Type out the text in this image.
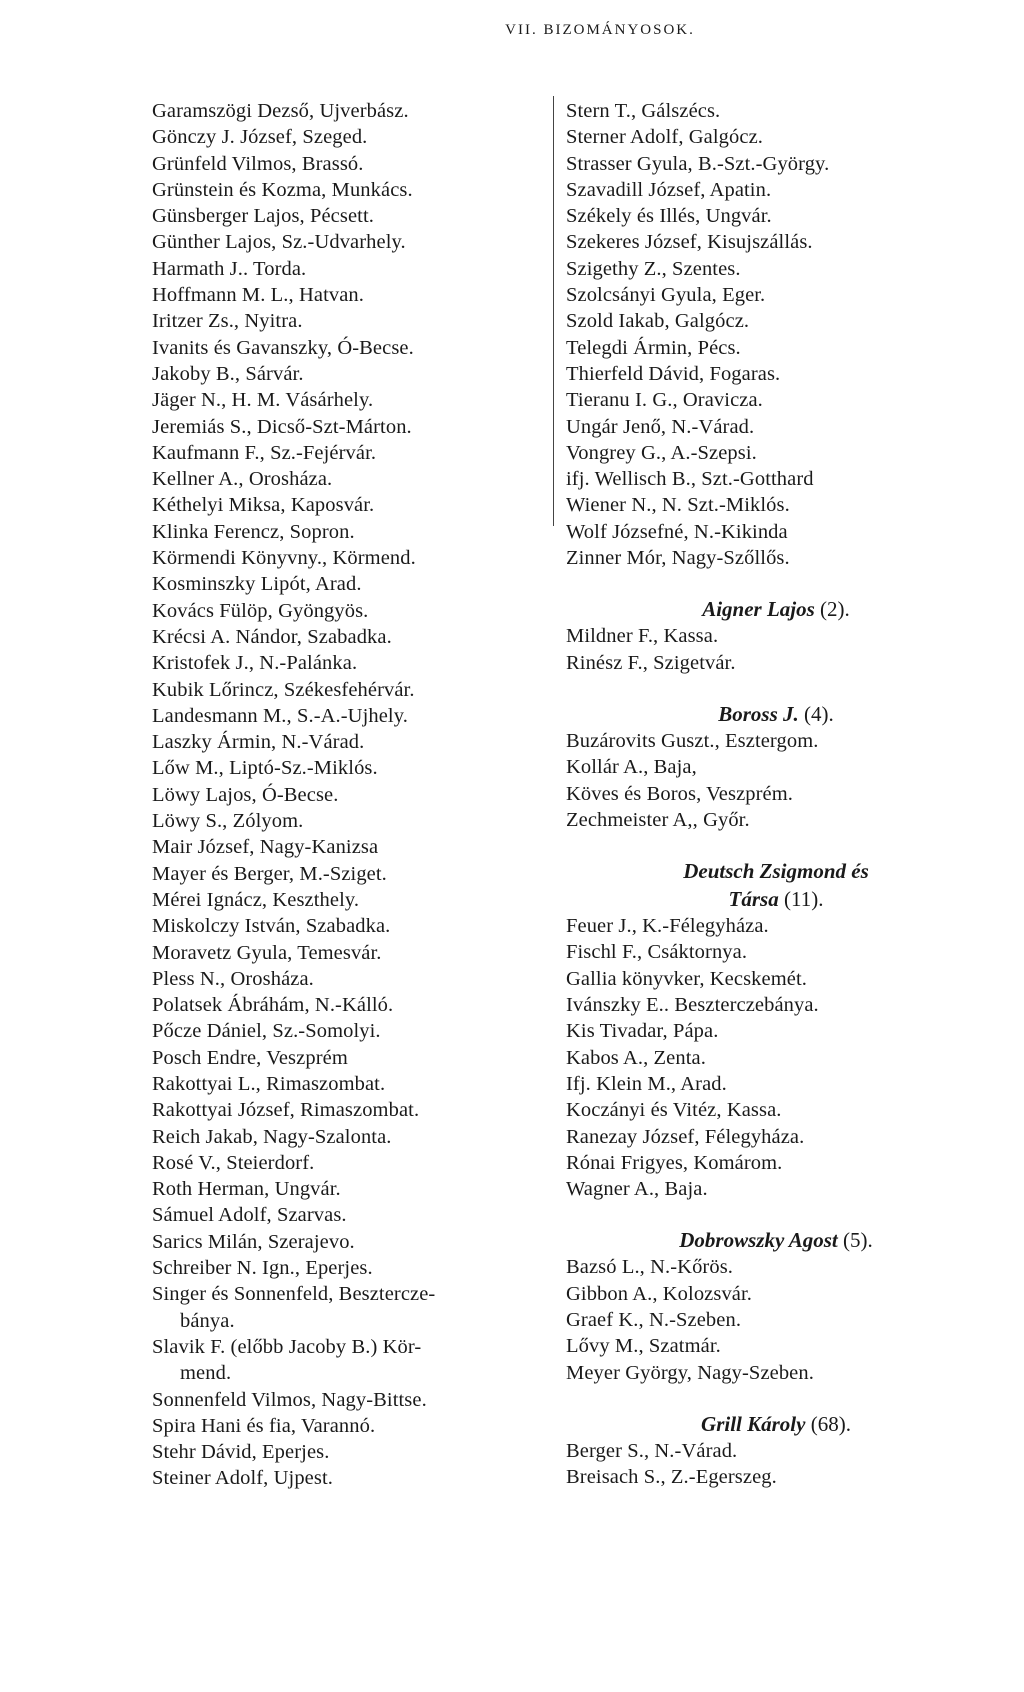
VII. BIZOMÁNYOSOK.
Garamszögi Dezső, Ujverbász.
Gönczy J. József, Szeged.
Grünfeld Vilmos, Brassó.
Grünstein és Kozma, Munkács.
Günsberger Lajos, Pécsett.
Günther Lajos, Sz.-Udvarhely.
Harmath J.. Torda.
Hoffmann M. L., Hatvan.
Iritzer Zs., Nyitra.
Ivanits és Gavanszky, Ó-Becse.
Jakoby B., Sárvár.
Jäger N., H. M. Vásárhely.
Jeremiás S., Dicső-Szt-Márton.
Kaufmann F., Sz.-Fejérvár.
Kellner A., Orosháza.
Kéthelyi Miksa, Kaposvár.
Klinka Ferencz, Sopron.
Körmendi Könyvny., Körmend.
Kosminszky Lipót, Arad.
Kovács Fülöp, Gyöngyös.
Krécsi A. Nándor, Szabadka.
Kristofek J., N.-Palánka.
Kubik Lőrincz, Székesfehérvár.
Landesmann M., S.-A.-Ujhely.
Laszky Ármin, N.-Várad.
Lőw M., Liptó-Sz.-Miklós.
Löwy Lajos, Ó-Becse.
Löwy S., Zólyom.
Mair József, Nagy-Kanizsa
Mayer és Berger, M.-Sziget.
Mérei Ignácz, Keszthely.
Miskolczy István, Szabadka.
Moravetz Gyula, Temesvár.
Pless N., Orosháza.
Polatsek Ábráhám, N.-Kálló.
Pőcze Dániel, Sz.-Somolyi.
Posch Endre, Veszprém
Rakottyai L., Rimaszombat.
Rakottyai József, Rimaszombat.
Reich Jakab, Nagy-Szalonta.
Rosé V., Steierdorf.
Roth Herman, Ungvár.
Sámuel Adolf, Szarvas.
Sarics Milán, Szerajevo.
Schreiber N. Ign., Eperjes.
Singer és Sonnenfeld, Besztercze-
bánya.
Slavik F. (előbb Jacoby B.) Kör-
mend.
Sonnenfeld Vilmos, Nagy-Bittse.
Spira Hani és fia, Varannó.
Stehr Dávid, Eperjes.
Steiner Adolf, Ujpest.
Stern T., Gálszécs.
Sterner Adolf, Galgócz.
Strasser Gyula, B.-Szt.-György.
Szavadill József, Apatin.
Székely és Illés, Ungvár.
Szekeres József, Kisujszállás.
Szigethy Z., Szentes.
Szolcsányi Gyula, Eger.
Szold Iakab, Galgócz.
Telegdi Ármin, Pécs.
Thierfeld Dávid, Fogaras.
Tieranu I. G., Oravicza.
Ungár Jenő, N.-Várad.
Vongrey G., A.-Szepsi.
ifj. Wellisch B., Szt.-Gotthard
Wiener N., N. Szt.-Miklós.
Wolf Józsefné, N.-Kikinda
Zinner Mór, Nagy-Szőllős.
Aigner Lajos (2).
Mildner F., Kassa.
Rinész F., Szigetvár.
Boross J. (4).
Buzárovits Guszt., Esztergom.
Kollár A., Baja,
Köves és Boros, Veszprém.
Zechmeister A,, Győr.
Deutsch Zsigmond és
Társa (11).
Feuer J., K.-Félegyháza.
Fischl F., Csáktornya.
Gallia könyvker, Kecskemét.
Ivánszky E.. Beszterczebánya.
Kis Tivadar, Pápa.
Kabos A., Zenta.
Ifj. Klein M., Arad.
Koczányi és Vitéz, Kassa.
Ranezay József, Félegyháza.
Rónai Frigyes, Komárom.
Wagner A., Baja.
Dobrowszky Agost (5).
Bazsó L., N.-Kőrös.
Gibbon A., Kolozsvár.
Graef K., N.-Szeben.
Lővy M., Szatmár.
Meyer György, Nagy-Szeben.
Grill Károly (68).
Berger S., N.-Várad.
Breisach S., Z.-Egerszeg.
